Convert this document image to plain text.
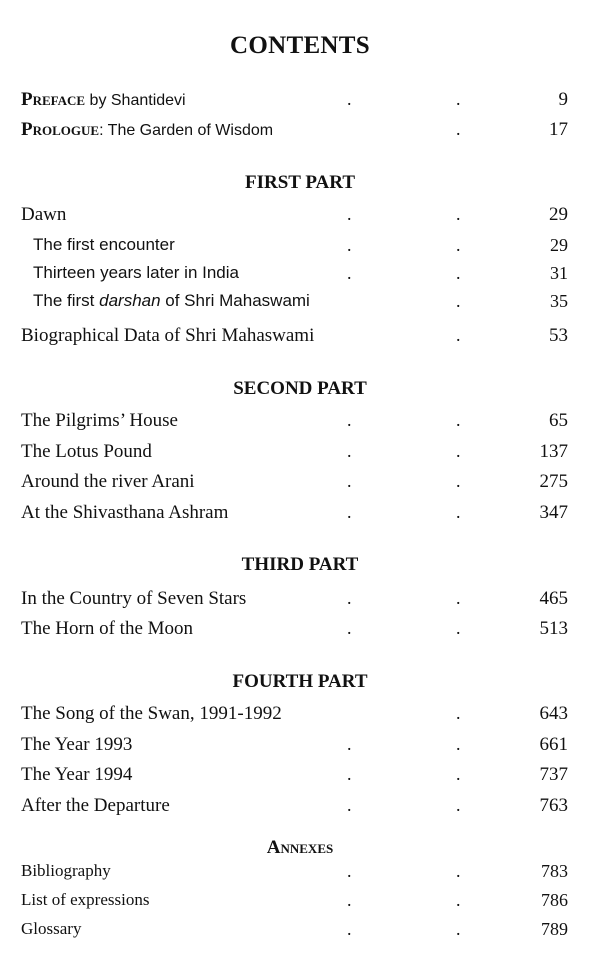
CONTENTS
Preface by Shantidevi	.	.	9
Prologue: The Garden of Wisdom	.	17
FIRST PART
Dawn	.	.	29
The first encounter	.	.	29
Thirteen years later in India	.	.	31
The first darshan of Shri Mahaswami	.	35
Biographical Data of Shri Mahaswami	.	53
SECOND PART
The Pilgrims’ House	.	.	65
The Lotus Pound	.	.	137
Around the river Arani	.	.	275
At the Shivasthana Ashram	.	.	347
THIRD PART
In the Country of Seven Stars	.	.	465
The Horn of the Moon	.	.	513
FOURTH PART
The Song of the Swan, 1991-1992	.	643
The Year 1993	.	.	661
The Year 1994	.	.	737
After the Departure	.	.	763
Annexes
Bibliography	.	.	783
List of expressions	.	.	786
Glossary	.	.	789
